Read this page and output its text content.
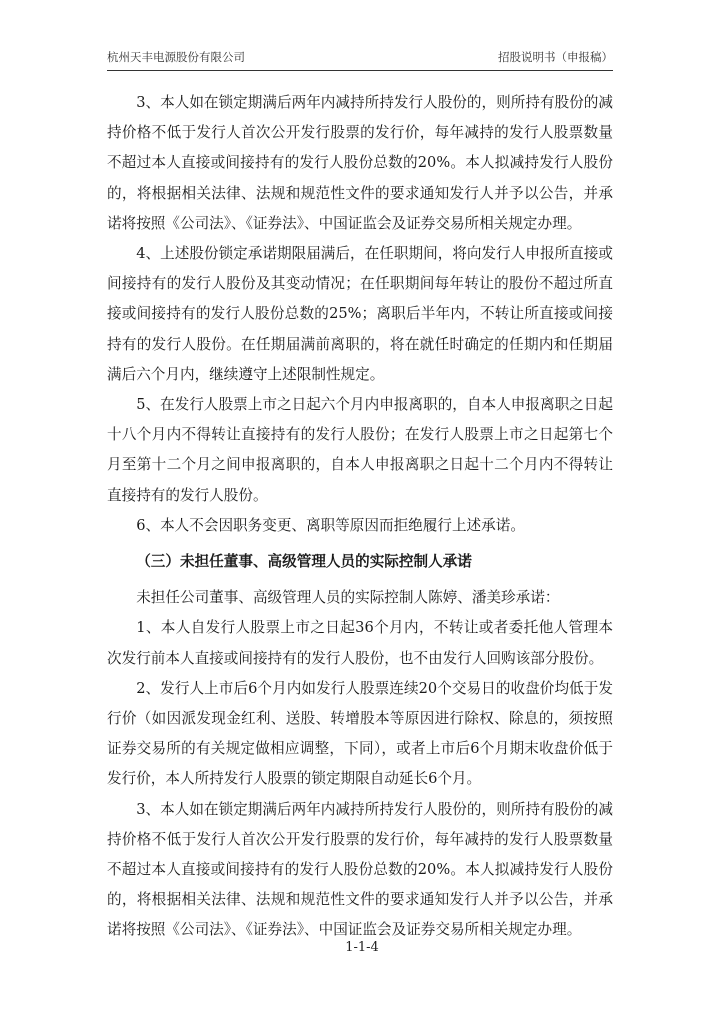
杭州天丰电源股份有限公司	招股说明书（申报稿）

3、本人如在锁定期满后两年内减持所持发行人股份的，则所持有股份的减持价格不低于发行人首次公开发行股票的发行价，每年减持的发行人股票数量不超过本人直接或间接持有的发行人股份总数的20%。本人拟减持发行人股份的，将根据相关法律、法规和规范性文件的要求通知发行人并予以公告，并承诺将按照《公司法》、《证券法》、中国证监会及证券交易所相关规定办理。

4、上述股份锁定承诺期限届满后，在任职期间，将向发行人申报所直接或间接持有的发行人股份及其变动情况；在任职期间每年转让的股份不超过所直接或间接持有的发行人股份总数的25%；离职后半年内，不转让所直接或间接持有的发行人股份。在任期届满前离职的，将在就任时确定的任期内和任期届满后六个月内，继续遵守上述限制性规定。

5、在发行人股票上市之日起六个月内申报离职的，自本人申报离职之日起十八个月内不得转让直接持有的发行人股份；在发行人股票上市之日起第七个月至第十二个月之间申报离职的，自本人申报离职之日起十二个月内不得转让直接持有的发行人股份。

6、本人不会因职务变更、离职等原因而拒绝履行上述承诺。

（三）未担任董事、高级管理人员的实际控制人承诺

未担任公司董事、高级管理人员的实际控制人陈婷、潘美珍承诺：

1、本人自发行人股票上市之日起36个月内，不转让或者委托他人管理本次发行前本人直接或间接持有的发行人股份，也不由发行人回购该部分股份。

2、发行人上市后6个月内如发行人股票连续20个交易日的收盘价均低于发行价（如因派发现金红利、送股、转增股本等原因进行除权、除息的，须按照证券交易所的有关规定做相应调整，下同），或者上市后6个月期末收盘价低于发行价，本人所持发行人股票的锁定期限自动延长6个月。

3、本人如在锁定期满后两年内减持所持发行人股份的，则所持有股份的减持价格不低于发行人首次公开发行股票的发行价，每年减持的发行人股票数量不超过本人直接或间接持有的发行人股份总数的20%。本人拟减持发行人股份的，将根据相关法律、法规和规范性文件的要求通知发行人并予以公告，并承诺将按照《公司法》、《证券法》、中国证监会及证券交易所相关规定办理。

1-1-4
